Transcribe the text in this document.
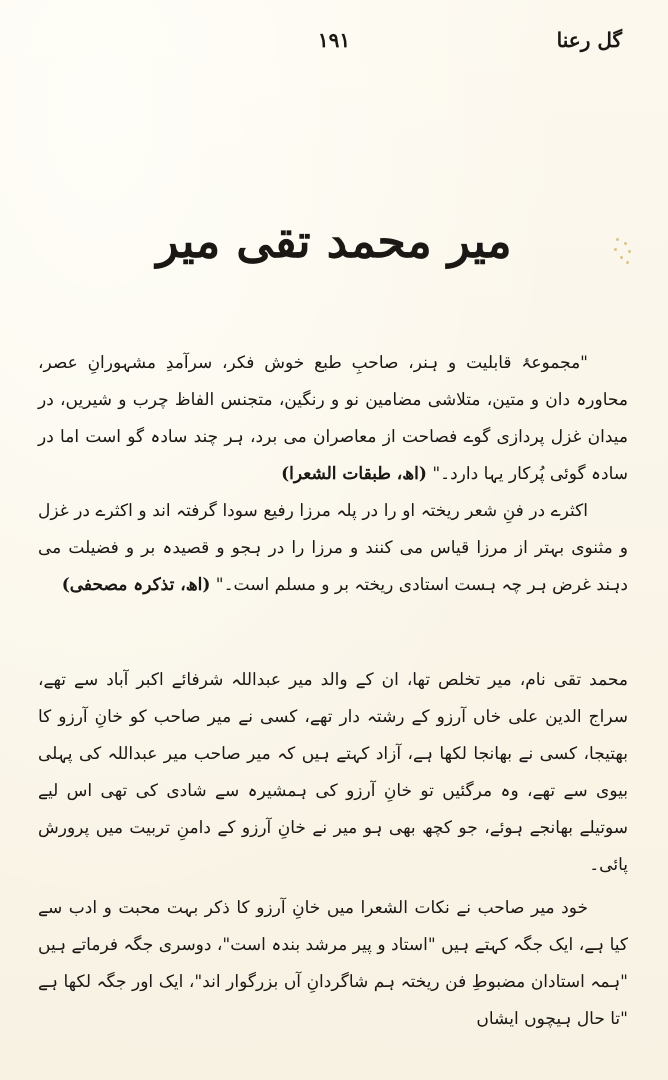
گل رعنا
۱۹۱
میر محمد تقی میر

"مجموعۂ قابلیت و ہنر، صاحبِ طبع خوش فکر، سرآمدِ مشہورانِ عصر، محاورہ دان و متین، متلاشی مضامین نو و رنگین، متجنس الفاظ چرب و شیریں، در میدان غزل پردازی گوے فصاحت از معاصران می برد، ہر چند سادہ گو است اما در سادہ گوئی پُرکار یہا دارد۔" (اھ، طبقات الشعرا)

اکثرے در فنِ شعر ریختہ او را در پلہ مرزا رفیع سودا گرفتہ اند و اکثرے در غزل و مثنوی بہتر از مرزا قیاس می کنند و مرزا را در ہجو و قصیدہ بر و فضیلت می دہند غرض ہر چہ ہست استادی ریختہ بر و مسلم است۔" (اھ، تذکرہ مصحفی)

محمد تقی نام، میر تخلص تھا، ان کے والد میر عبداللہ شرفائے اکبر آباد سے تھے، سراج الدین علی خاں آرزو کے رشتہ دار تھے، کسی نے میر صاحب کو خانِ آرزو کا بھتیجا، کسی نے بھانجا لکھا ہے، آزاد کہتے ہیں کہ میر صاحب میر عبداللہ کی پہلی بیوی سے تھے، وہ مرگئیں تو خانِ آرزو کی ہمشیرہ سے شادی کی تھی اس لیے سوتیلے بھانجے ہوئے، جو کچھ بھی ہو میر نے خانِ آرزو کے دامنِ تربیت میں پرورش پائی۔

خود میر صاحب نے نکات الشعرا میں خانِ آرزو کا ذکر بہت محبت و ادب سے کیا ہے، ایک جگہ کہتے ہیں "استاد و پیر مرشد بندہ است"، دوسری جگہ فرماتے ہیں "ہمہ استادان مضبوطِ فن ریختہ ہم شاگردانِ آں بزرگوار اند"، ایک اور جگہ لکھا ہے "تا حال ہیچوں ایشاں
